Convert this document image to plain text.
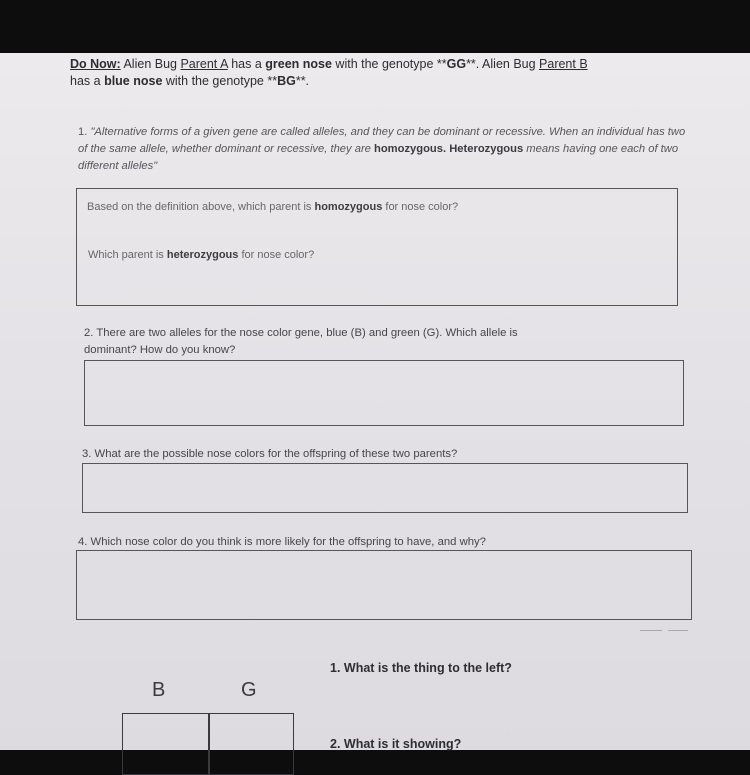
Do Now: Alien Bug Parent A has a green nose with the genotype **GG**. Alien Bug Parent B
has a blue nose with the genotype **BG**.
1. "Alternative forms of a given gene are called alleles, and they can be dominant or recessive. When an individual has two of the same allele, whether dominant or recessive, they are homozygous. Heterozygous means having one each of two different alleles"
Based on the definition above, which parent is homozygous for nose color?
Which parent is heterozygous for nose color?
2. There are two alleles for the nose color gene, blue (B) and green (G). Which allele is
dominant? How do you know?
3. What are the possible nose colors for the offspring of these two parents?
4. Which nose color do you think is more likely for the offspring to have, and why?
B	G
1. What is the thing to the left?
2. What is it showing?
